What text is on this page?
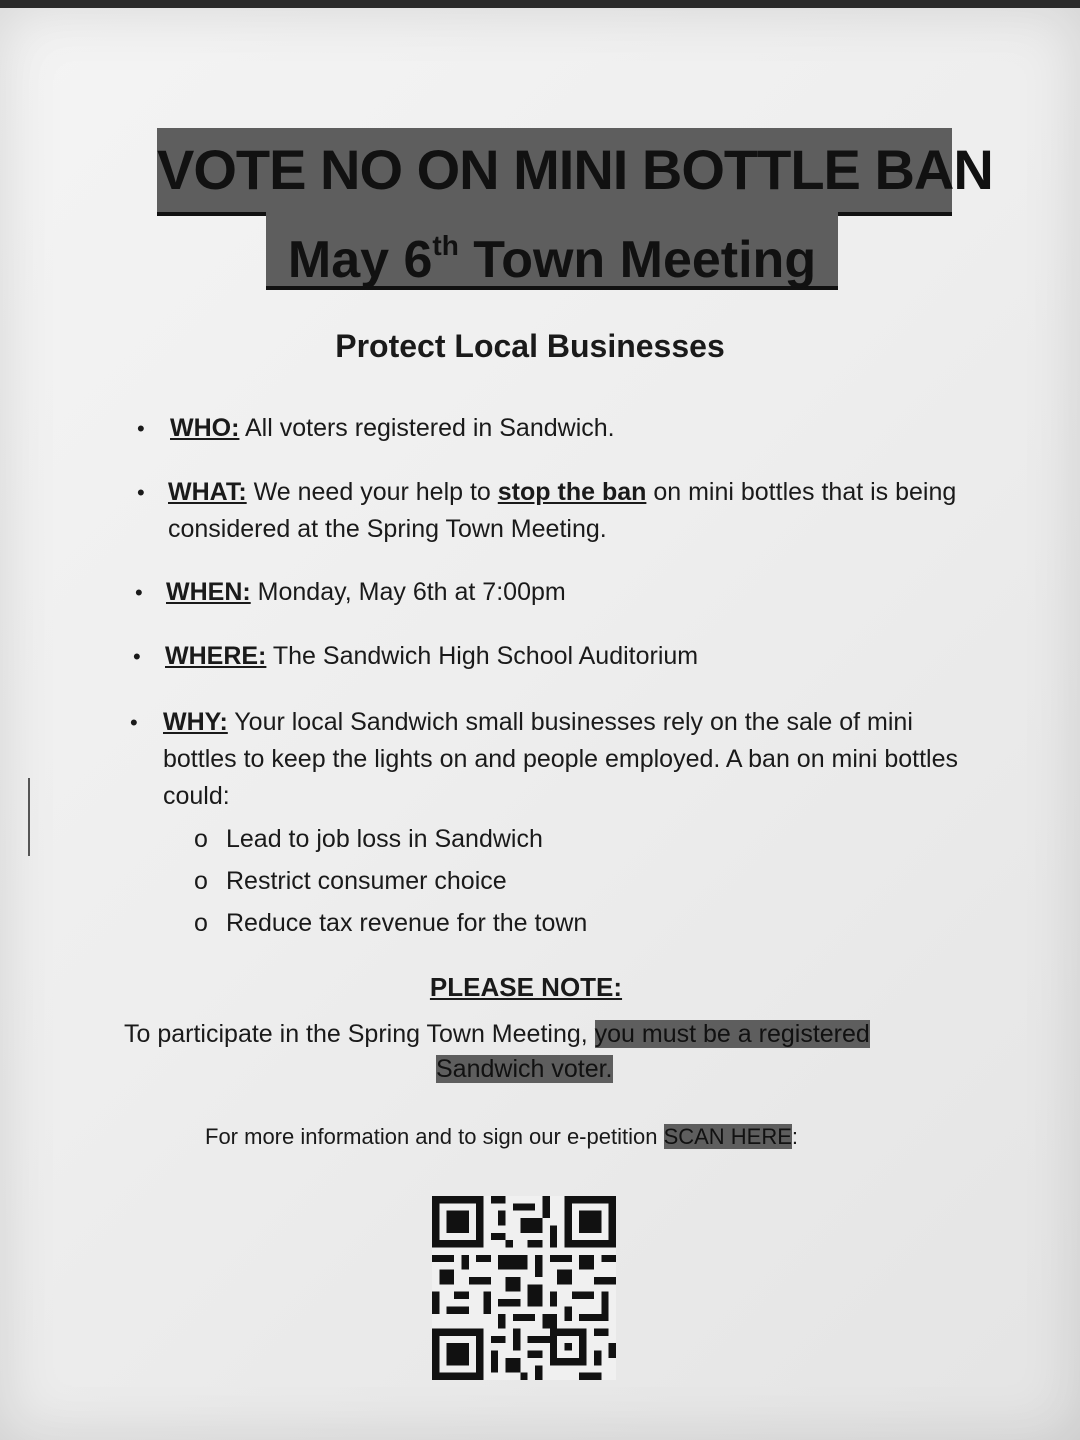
VOTE NO ON MINI BOTTLE BAN
May 6th Town Meeting
Protect Local Businesses
• WHO: All voters registered in Sandwich.
• WHAT: We need your help to stop the ban on mini bottles that is being considered at the Spring Town Meeting.
• WHEN: Monday, May 6th at 7:00pm
• WHERE: The Sandwich High School Auditorium
• WHY: Your local Sandwich small businesses rely on the sale of mini bottles to keep the lights on and people employed. A ban on mini bottles could:
o Lead to job loss in Sandwich
o Restrict consumer choice
o Reduce tax revenue for the town
PLEASE NOTE:
To participate in the Spring Town Meeting, you must be a registered
Sandwich voter.
For more information and to sign our e-petition SCAN HERE:
